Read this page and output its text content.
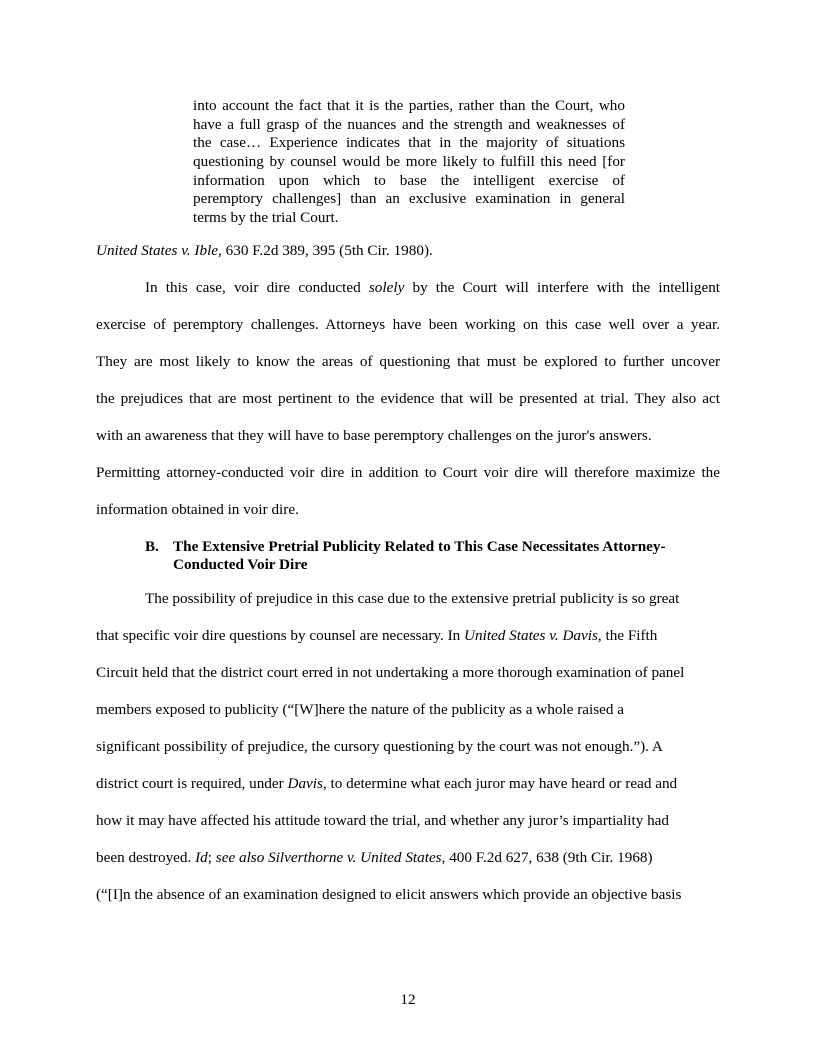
into account the fact that it is the parties, rather than the Court, who
have a full grasp of the nuances and the strength and weaknesses of
the case… Experience indicates that in the majority of situations
questioning by counsel would be more likely to fulfill this need [for
information upon which to base the intelligent exercise of
peremptory challenges] than an exclusive examination in general
terms by the trial Court.
United States v. Ible, 630 F.2d 389, 395 (5th Cir. 1980).
In this case, voir dire conducted solely by the Court will interfere with the intelligent
exercise of peremptory challenges. Attorneys have been working on this case well over a year.
They are most likely to know the areas of questioning that must be explored to further uncover
the prejudices that are most pertinent to the evidence that will be presented at trial. They also act
with an awareness that they will have to base peremptory challenges on the juror's answers.
Permitting attorney-conducted voir dire in addition to Court voir dire will therefore maximize the
information obtained in voir dire.
B. The Extensive Pretrial Publicity Related to This Case Necessitates Attorney-
Conducted Voir Dire
The possibility of prejudice in this case due to the extensive pretrial publicity is so great
that specific voir dire questions by counsel are necessary. In United States v. Davis, the Fifth
Circuit held that the district court erred in not undertaking a more thorough examination of panel
members exposed to publicity (“[W]here the nature of the publicity as a whole raised a
significant possibility of prejudice, the cursory questioning by the court was not enough.”). A
district court is required, under Davis, to determine what each juror may have heard or read and
how it may have affected his attitude toward the trial, and whether any juror’s impartiality had
been destroyed. Id; see also Silverthorne v. United States, 400 F.2d 627, 638 (9th Cir. 1968)
(“[I]n the absence of an examination designed to elicit answers which provide an objective basis
12
